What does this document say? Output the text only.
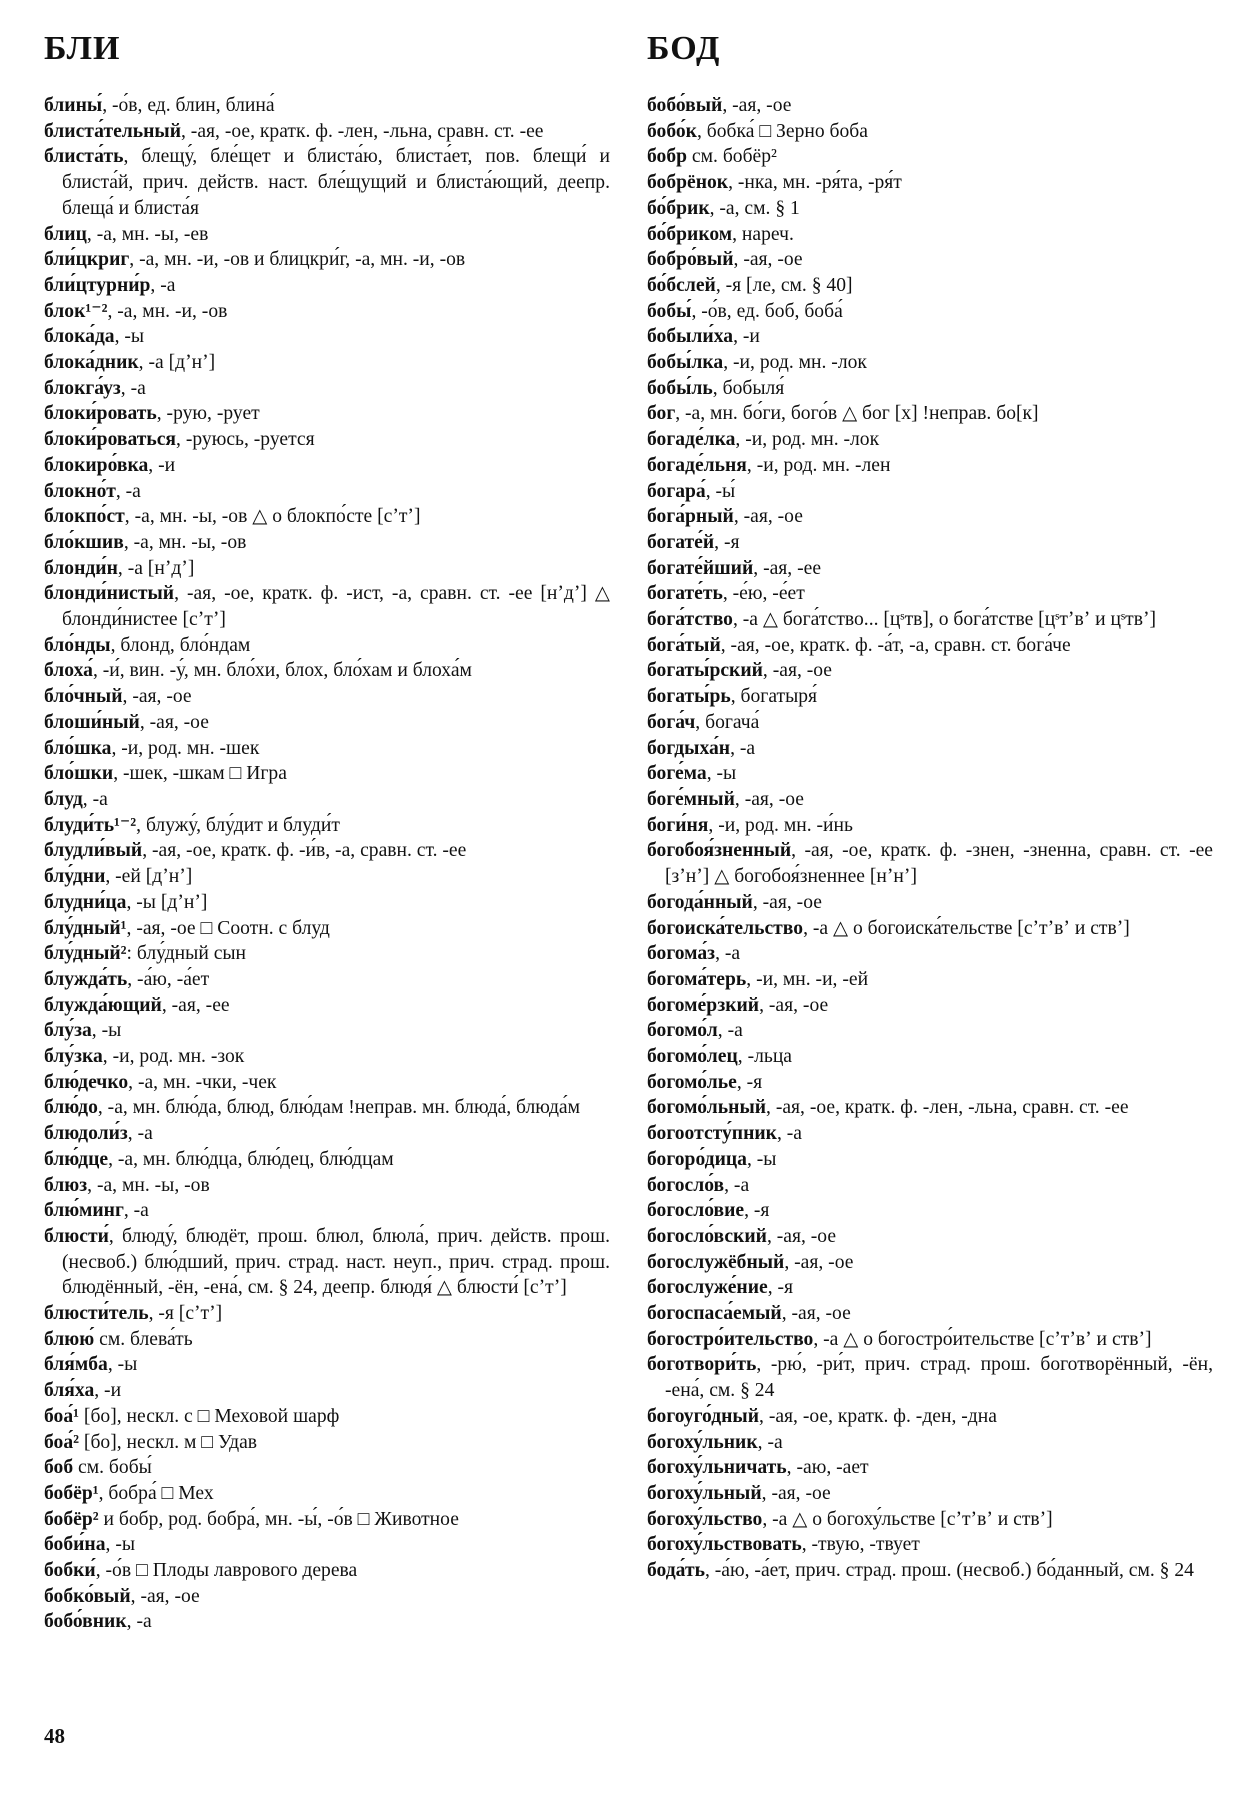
БЛИ	БОД

блины́, -о́в, ед. блин, блина́

блиста́тельный, -ая, -ое, кратк. ф. -лен, -льна, сравн. ст. -ее

блиста́ть, блещу́, бле́щет и блиста́ю, блиста́ет, пов. блещи́ и блиста́й, прич. действ. наст. бле́щущий и блиста́ющий, деепр. блеща́ и блиста́я

блиц, -а, мн. -ы, -ев

бли́цкриг, -а, мн. -и, -ов и блицкри́г, -а, мн. -и, -ов

бли́цтурни́р, -а

блок¹⁻², -а, мн. -и, -ов

блока́да, -ы

блока́дник, -а [дʼнʼ]

блокга́уз, -а

блоки́ровать, -рую, -рует

блоки́роваться, -руюсь, -руется

блокиро́вка, -и

блокно́т, -а

блокпо́ст, -а, мн. -ы, -ов △ о блокпо́сте [сʼтʼ]

бло́кшив, -а, мн. -ы, -ов

блонди́н, -а [нʼдʼ]

блонди́нистый, -ая, -ое, кратк. ф. -ист, -а, сравн. ст. -ее [нʼдʼ] △ блонди́нистее [сʼтʼ]

бло́нды, блонд, бло́ндам

блоха́, -и́, вин. -у́, мн. бло́хи, блох, бло́хам и блоха́м

бло́чный, -ая, -ое

блоши́ный, -ая, -ое

бло́шка, -и, род. мн. -шек

бло́шки, -шек, -шкам □ Игра

блуд, -а

блуди́ть¹⁻², блужу́, блу́дит и блуди́т

блудли́вый, -ая, -ое, кратк. ф. -и́в, -а, сравн. ст. -ее

блу́дни, -ей [дʼнʼ]

блудни́ца, -ы [дʼнʼ]

блу́дный¹, -ая, -ое □ Соотн. с блуд

блу́дный²: блу́дный сын

блужда́ть, -а́ю, -а́ет

блужда́ющий, -ая, -ее

блу́за, -ы

блу́зка, -и, род. мн. -зок

блю́дечко, -а, мн. -чки, -чек

блю́до, -а, мн. блю́да, блюд, блю́дам !неправ. мн. блюда́, блюда́м

блюдоли́з, -а

блю́дце, -а, мн. блю́дца, блю́дец, блю́дцам

блюз, -а, мн. -ы, -ов

блю́минг, -а

блюсти́, блюду́, блюдёт, прош. блюл, блюла́, прич. действ. прош. (несвоб.) блю́дший, прич. страд. наст. неуп., прич. страд. прош. блюдённый, -ён, -ена́, см. § 24, деепр. блюдя́ △ блюсти́ [сʼтʼ]

блюсти́тель, -я [сʼтʼ]

блюю́ см. блева́ть

бля́мба, -ы

бля́ха, -и

боа́¹ [бо], нескл. с □ Меховой шарф

боа́² [бо], нескл. м □ Удав

боб см. бобы́

бобёр¹, бобра́ □ Мех

бобёр² и бобр, род. бобра́, мн. -ы́, -о́в □ Животное

боби́на, -ы

бобки́, -о́в □ Плоды лаврового дерева

бобко́вый, -ая, -ое

бобо́вник, -а

бобо́вый, -ая, -ое

бобо́к, бобка́ □ Зерно боба

бобр см. бобёр²

бобрёнок, -нка, мн. -ря́та, -ря́т

бо́брик, -а, см. § 1

бо́бриком, нареч.

бобро́вый, -ая, -ое

бо́бслей, -я [ле, см. § 40]

бобы́, -о́в, ед. боб, боба́

бобыли́ха, -и

бобы́лка, -и, род. мн. -лок

бобы́ль, бобыля́

бог, -а, мн. бо́ги, бого́в △ бог [х] !неправ. бо[к]

богаде́лка, -и, род. мн. -лок

богаде́льня, -и, род. мн. -лен

богара́, -ы́

бога́рный, -ая, -ое

богате́й, -я

богате́йший, -ая, -ее

богате́ть, -е́ю, -е́ет

бога́тство, -а △ бога́тство... [цˢтв], о бога́тстве [цˢтʼвʼ и цˢтвʼ]

бога́тый, -ая, -ое, кратк. ф. -а́т, -а, сравн. ст. бога́че

богаты́рский, -ая, -ое

богаты́рь, богатыря́

бога́ч, богача́

богдыха́н, -а

боге́ма, -ы

боге́мный, -ая, -ое

боги́ня, -и, род. мн. -и́нь

богобоя́зненный, -ая, -ое, кратк. ф. -знен, -зненна, сравн. ст. -ее [зʼнʼ] △ богобоя́зненнее [нʼнʼ]

богода́нный, -ая, -ое

богоиска́тельство, -а △ о богоиска́тельстве [сʼтʼвʼ и ствʼ]

богома́з, -а

богома́терь, -и, мн. -и, -ей

богоме́рзкий, -ая, -ое

богомо́л, -а

богомо́лец, -льца

богомо́лье, -я

богомо́льный, -ая, -ое, кратк. ф. -лен, -льна, сравн. ст. -ее

богоотсту́пник, -а

богоро́дица, -ы

богосло́в, -а

богосло́вие, -я

богосло́вский, -ая, -ое

богослужёбный, -ая, -ое

богослуже́ние, -я

богоспаса́емый, -ая, -ое

богостро́ительство, -а △ о богостро́ительстве [сʼтʼвʼ и ствʼ]

боготвори́ть, -рю́, -ри́т, прич. страд. прош. боготворённый, -ён, -ена́, см. § 24

богоуго́дный, -ая, -ое, кратк. ф. -ден, -дна

богоху́льник, -а

богоху́льничать, -аю, -ает

богоху́льный, -ая, -ое

богоху́льство, -а △ о богоху́льстве [сʼтʼвʼ и ствʼ]

богоху́льствовать, -твую, -твует

бода́ть, -а́ю, -а́ет, прич. страд. прош. (несвоб.) бо́данный, см. § 24

48
